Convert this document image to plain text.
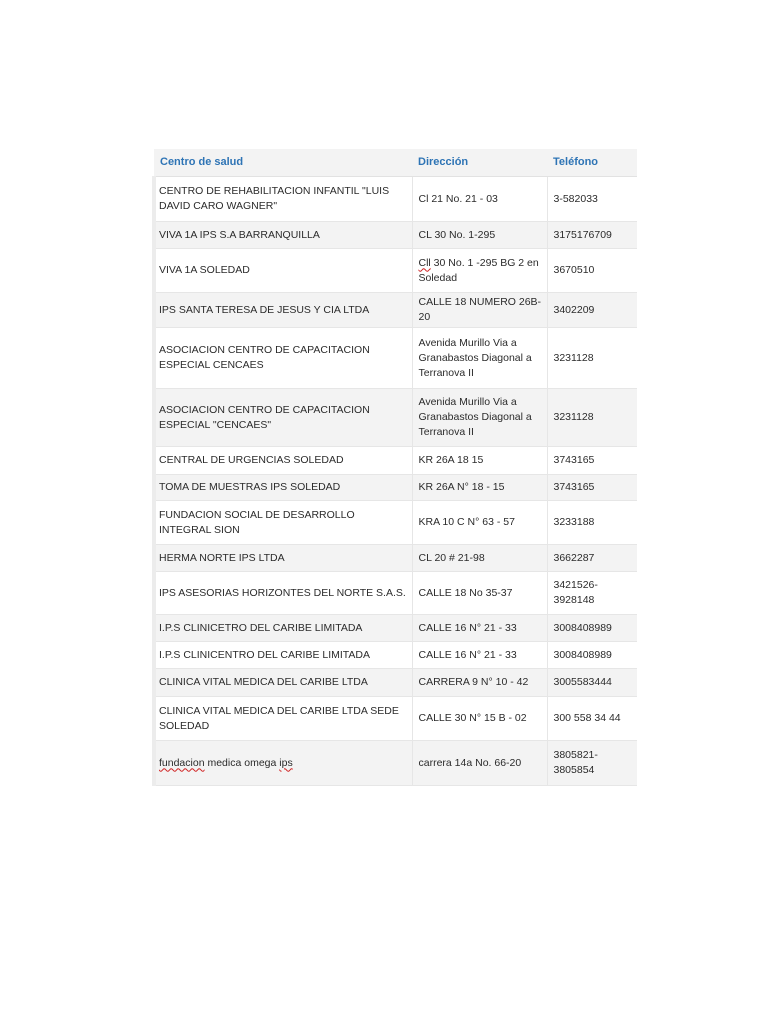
Centro de salud	Dirección	Teléfono
CENTRO DE REHABILITACION INFANTIL "LUIS DAVID CARO WAGNER"	Cl 21 No. 21 - 03	3-582033
VIVA 1A IPS S.A BARRANQUILLA	CL 30 No. 1-295	3175176709
VIVA 1A SOLEDAD	Cll 30 No. 1 -295 BG 2 en Soledad	3670510
IPS SANTA TERESA DE JESUS Y CIA LTDA	CALLE 18 NUMERO 26B-20	3402209
ASOCIACION CENTRO DE CAPACITACION ESPECIAL CENCAES	Avenida Murillo Via a Granabastos Diagonal a Terranova II	3231128
ASOCIACION CENTRO DE CAPACITACION ESPECIAL "CENCAES"	Avenida Murillo Via a Granabastos Diagonal a Terranova II	3231128
CENTRAL DE URGENCIAS SOLEDAD	KR 26A 18 15	3743165
TOMA DE MUESTRAS IPS SOLEDAD	KR 26A N° 18 - 15	3743165
FUNDACION SOCIAL DE DESARROLLO INTEGRAL SION	KRA 10 C N° 63 - 57	3233188
HERMA NORTE IPS LTDA	CL 20 # 21-98	3662287
IPS ASESORIAS HORIZONTES DEL NORTE S.A.S.	CALLE 18 No 35-37	3421526-3928148
I.P.S CLINICETRO DEL CARIBE LIMITADA	CALLE 16 N° 21 - 33	3008408989
I.P.S CLINICENTRO DEL CARIBE LIMITADA	CALLE 16 N° 21 - 33	3008408989
CLINICA VITAL MEDICA DEL CARIBE LTDA	CARRERA 9 N° 10 - 42	3005583444
CLINICA VITAL MEDICA DEL CARIBE LTDA SEDE SOLEDAD	CALLE 30 N° 15 B - 02	300 558 34 44
fundacion medica omega ips	carrera 14a No. 66-20	3805821-3805854
